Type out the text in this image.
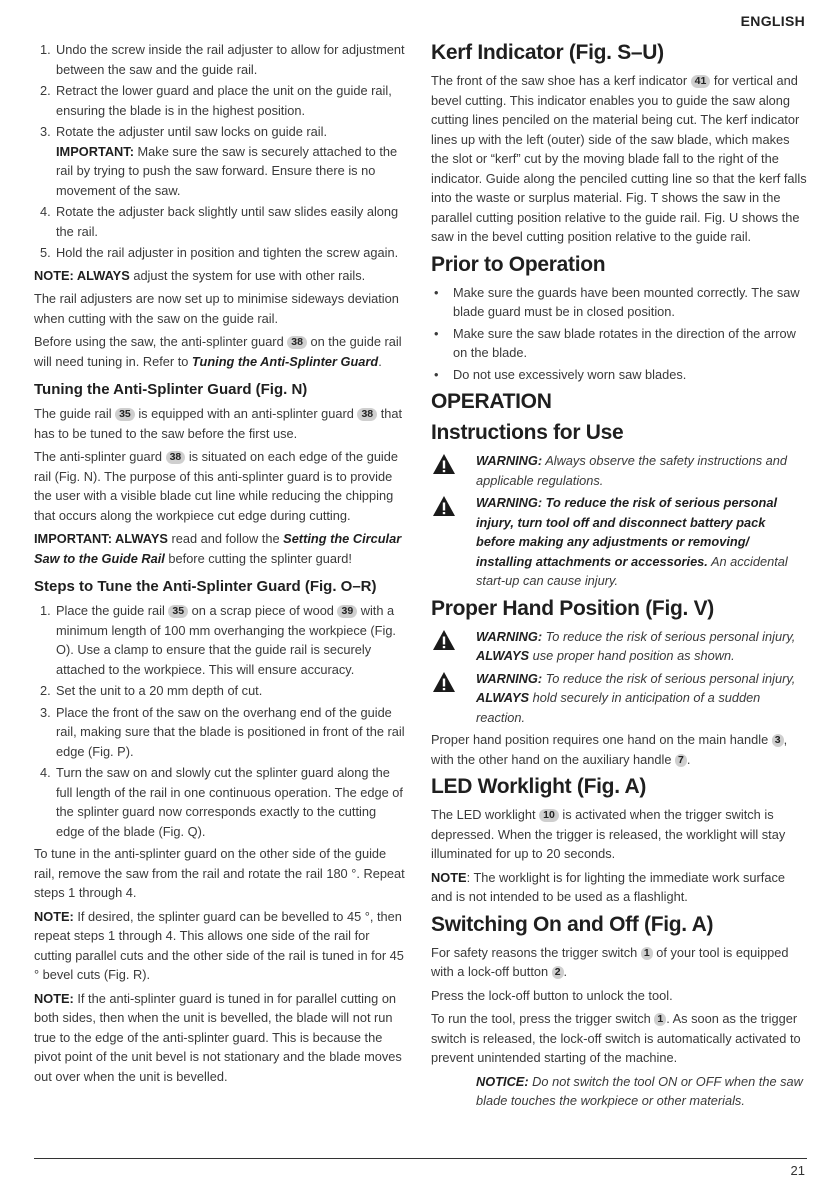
ENGLISH
1. Undo the screw inside the rail adjuster to allow for adjustment between the saw and the guide rail.
2. Retract the lower guard and place the unit on the guide rail, ensuring the blade is in the highest position.
3. Rotate the adjuster until saw locks on guide rail.
IMPORTANT: Make sure the saw is securely attached to the rail by trying to push the saw forward. Ensure there is no movement of the saw.
4. Rotate the adjuster back slightly until saw slides easily along the rail.
5. Hold the rail adjuster in position and tighten the screw again.

NOTE: ALWAYS adjust the system for use with other rails.

The rail adjusters are now set up to minimise sideways deviation when cutting with the saw on the guide rail.

Before using the saw, the anti-splinter guard 38 on the guide rail will need tuning in. Refer to Tuning the Anti-Splinter Guard.

Tuning the Anti-Splinter Guard (Fig. N)

The guide rail 35 is equipped with an anti-splinter guard 38 that has to be tuned to the saw before the first use.

The anti-splinter guard 38 is situated on each edge of the guide rail (Fig. N). The purpose of this anti-splinter guard is to provide the user with a visible blade cut line while reducing the chipping that occurs along the workpiece cut edge during cutting.

IMPORTANT: ALWAYS read and follow the Setting the Circular Saw to the Guide Rail before cutting the splinter guard!

Steps to Tune the Anti-Splinter Guard (Fig. O–R)
1. Place the guide rail 35 on a scrap piece of wood 39 with a minimum length of 100 mm overhanging the workpiece (Fig. O). Use a clamp to ensure that the guide rail is securely attached to the workpiece. This will ensure accuracy.
2. Set the unit to a 20 mm depth of cut.
3. Place the front of the saw on the overhang end of the guide rail, making sure that the blade is positioned in front of the rail edge (Fig. P).
4. Turn the saw on and slowly cut the splinter guard along the full length of the rail in one continuous operation. The edge of the splinter guard now corresponds exactly to the cutting edge of the blade (Fig. Q).

To tune in the anti-splinter guard on the other side of the guide rail, remove the saw from the rail and rotate the rail 180 °. Repeat steps 1 through 4.

NOTE: If desired, the splinter guard can be bevelled to 45 °, then repeat steps 1 through 4. This allows one side of the rail for cutting parallel cuts and the other side of the rail is tuned in for 45 ° bevel cuts (Fig. R).

NOTE: If the anti-splinter guard is tuned in for parallel cutting on both sides, then when the unit is bevelled, the blade will not run true to the edge of the anti-splinter guard. This is because the pivot point of the unit bevel is not stationary and the blade moves out over when the unit is bevelled.

Kerf Indicator (Fig. S–U)

The front of the saw shoe has a kerf indicator 41 for vertical and bevel cutting. This indicator enables you to guide the saw along cutting lines penciled on the material being cut. The kerf indicator lines up with the left (outer) side of the saw blade, which makes the slot or “kerf” cut by the moving blade fall to the right of the indicator. Guide along the penciled cutting line so that the kerf falls into the waste or surplus material. Fig. T shows the saw in the parallel cutting position relative to the guide rail. Fig. U shows the saw in the bevel cutting position relative to the guide rail.

Prior to Operation
• Make sure the guards have been mounted correctly. The saw blade guard must be in closed position.
• Make sure the saw blade rotates in the direction of the arrow on the blade.
• Do not use excessively worn saw blades.
OPERATION
Instructions for Use
WARNING: Always observe the safety instructions and applicable regulations.
WARNING: To reduce the risk of serious personal injury, turn tool off and disconnect battery pack before making any adjustments or removing/ installing attachments or accessories. An accidental start-up can cause injury.
Proper Hand Position (Fig. V)
WARNING: To reduce the risk of serious personal injury, ALWAYS use proper hand position as shown.
WARNING: To reduce the risk of serious personal injury, ALWAYS hold securely in anticipation of a sudden reaction.

Proper hand position requires one hand on the main handle 3 , with the other hand on the auxiliary handle 7 .

LED Worklight (Fig. A)

The LED worklight 10 is activated when the trigger switch is depressed. When the trigger is released, the worklight will stay illuminated for up to 20 seconds.

NOTE: The worklight is for lighting the immediate work surface and is not intended to be used as a flashlight.

Switching On and Off (Fig. A)

For safety reasons the trigger switch 1 of your tool is equipped with a lock-off button 2 .

Press the lock-off button to unlock the tool.

To run the tool, press the trigger switch 1 . As soon as the trigger switch is released, the lock-off switch is automatically activated to prevent unintended starting of the machine.

NOTICE: Do not switch the tool ON or OFF when the saw blade touches the workpiece or other materials.

21
